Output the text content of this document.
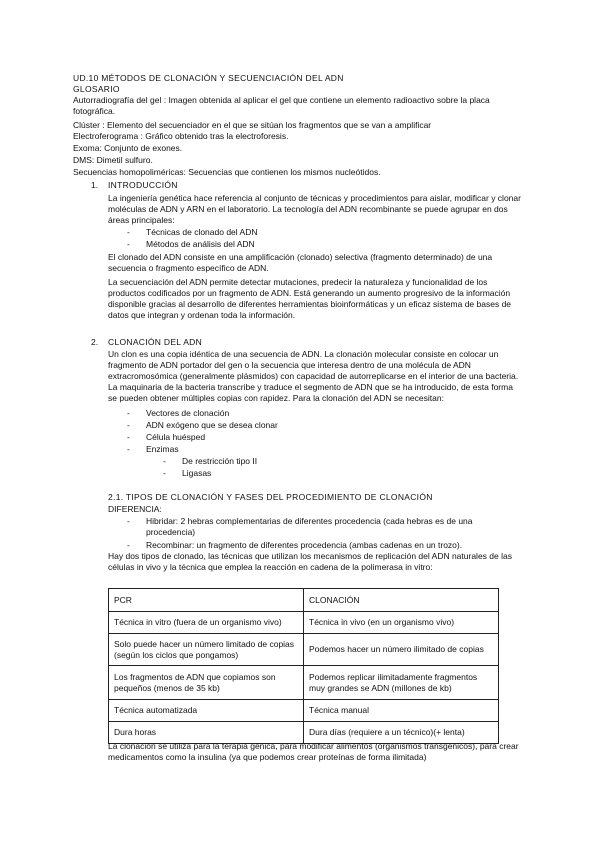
UD.10 MÉTODOS DE CLONACIÓN Y SECUENCIACIÓN DEL ADN
GLOSARIO
Autorradiografía del gel : Imagen obtenida al aplicar el gel que contiene un elemento radioactivo sobre la placa fotográfica.
Clúster : Elemento del secuenciador en el que se sitúan los fragmentos que se van a amplificar
Electroferograma : Gráfico obtenido tras la electroforesis.
Exoma: Conjunto de exones.
DMS: Dimetil sulfuro.
Secuencias homopoliméricas: Secuencias que contienen los mismos nucleótidos.
1. INTRODUCCIÓN
La ingeniería genética hace referencia al conjunto de técnicas y procedimientos para aislar, modificar y clonar moléculas de ADN y ARN en el laboratorio. La tecnología del ADN recombinante se puede agrupar en dos áreas principales:
- Técnicas de clonado del ADN
- Métodos de análisis del ADN
El clonado del ADN consiste en una amplificación (clonado) selectiva (fragmento determinado) de una secuencia o fragmento específico de ADN.
La secuenciación del ADN permite detectar mutaciones, predecir la naturaleza y funcionalidad de los productos codificados por un fragmento de ADN. Está generando un aumento progresivo de la información disponible gracias al desarrollo de diferentes herramientas bioinformáticas y un eficaz sistema de bases de datos que integran y ordenan toda la información.
2. CLONACIÓN DEL ADN
Un clon es una copia idéntica de una secuencia de ADN. La clonación molecular consiste en colocar un fragmento de ADN portador del gen o la secuencia que interesa dentro de una molécula de ADN extracromosómica (generalmente plásmidos) con capacidad de autorreplicarse en el interior de una bacteria. La maquinaria de la bacteria transcribe y traduce el segmento de ADN que se ha introducido, de esta forma se pueden obtener múltiples copias con rapidez. Para la clonación del ADN se necesitan:
- Vectores de clonación
- ADN exógeno que se desea clonar
- Célula huésped
- Enzimas
- De restricción tipo II
- Ligasas
2.1. TIPOS DE CLONACIÓN Y FASES DEL PROCEDIMIENTO DE CLONACIÓN
DIFERENCIA:
- Hibridar: 2 hebras complementarias de diferentes procedencia (cada hebras es de una procedencia)
- Recombinar: un fragmento de diferentes procedencia (ambas cadenas en un trozo).
Hay dos tipos de clonado, las técnicas que utilizan los mecanismos de replicación del ADN naturales de las células in vivo y la técnica que emplea la reacción en cadena de la polimerasa in vitro:
PCR	CLONACIÓN
Técnica in vitro (fuera de un organismo vivo)	Técnica in vivo (en un organismo vivo)
Solo puede hacer un número limitado de copias (según los ciclos que pongamos)	Podemos hacer un número ilimitado de copias
Los fragmentos de ADN que copiamos son pequeños (menos de 35 kb)	Podemos replicar ilimitadamente fragmentos muy grandes se ADN (millones de kb)
Técnica automatizada	Técnica manual
Dura horas	Dura días (requiere a un técnico)(+ lenta)
La clonación se utiliza para la terapia génica, para modificar alimentos (organismos transgénicos), para crear medicamentos como la insulina (ya que podemos crear proteínas de forma ilimitada)
